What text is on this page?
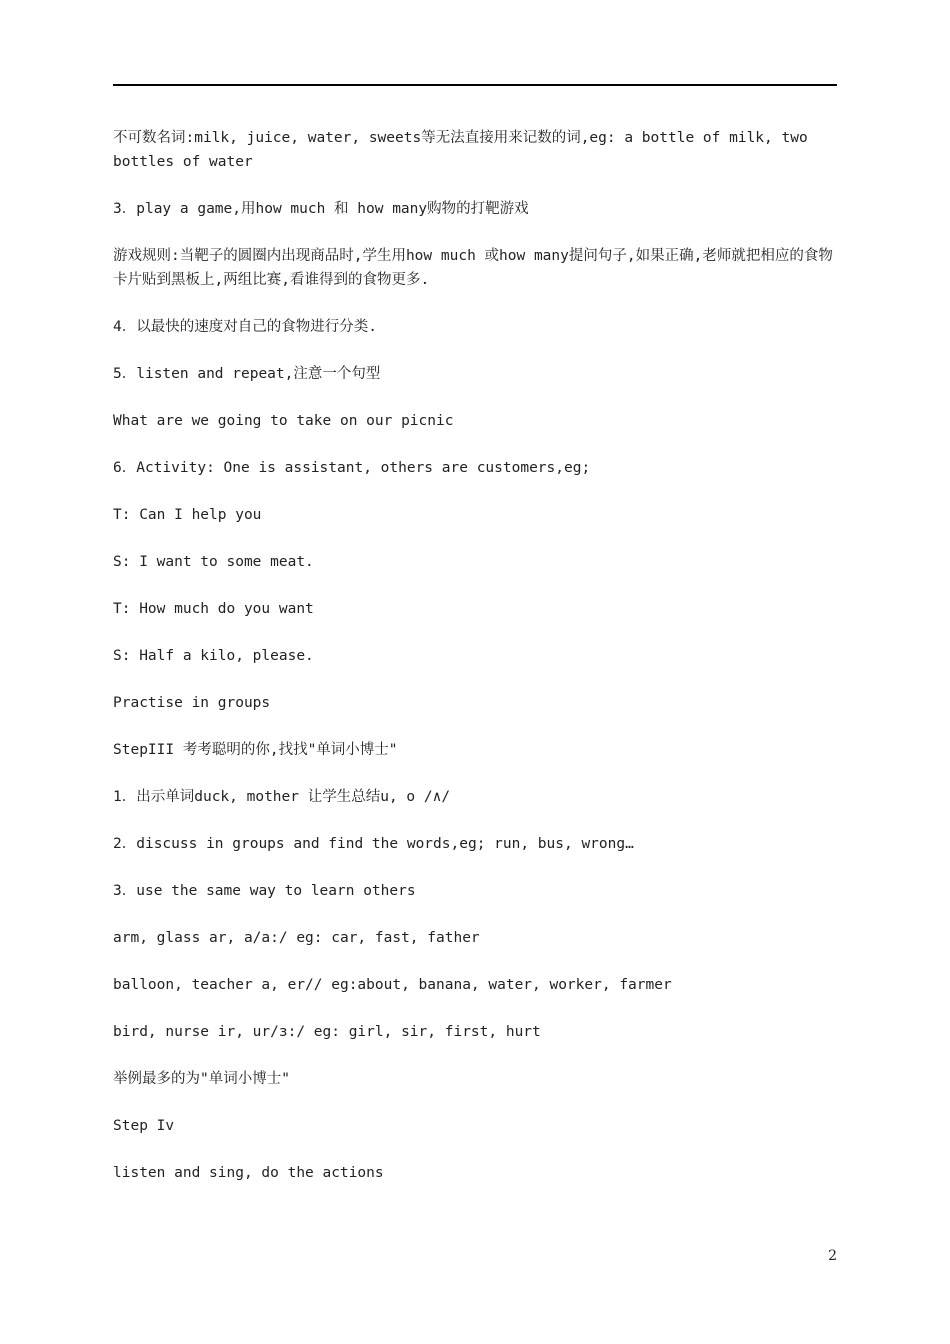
不可数名词:milk, juice, water, sweets等无法直接用来记数的词,eg: a bottle of milk, two bottles of water

3．play a game,用how much 和 how many购物的打靶游戏

游戏规则:当靶子的圆圈内出现商品时,学生用how much 或how many提问句子,如果正确,老师就把相应的食物卡片贴到黑板上,两组比赛,看谁得到的食物更多.

4．以最快的速度对自己的食物进行分类.

5．listen and repeat,注意一个句型

What are we going to take on our picnic

6．Activity: One is assistant, others are customers,eg;

T: Can I help you

S: I want to some meat.

T: How much do you want

S: Half a kilo, please.

Practise in groups

StepIII 考考聪明的你,找找"单词小博士"

1．出示单词duck, mother 让学生总结u, o /∧/

2．discuss in groups and find the words,eg; run, bus, wrong…

3．use the same way to learn others

arm, glass ar, a/a:/ eg: car, fast, father

balloon, teacher a, er// eg:about, banana, water, worker, farmer

bird, nurse ir, ur/ɜ:/ eg: girl, sir, first, hurt

举例最多的为"单词小博士"

Step Iv

listen and sing, do the actions

2
